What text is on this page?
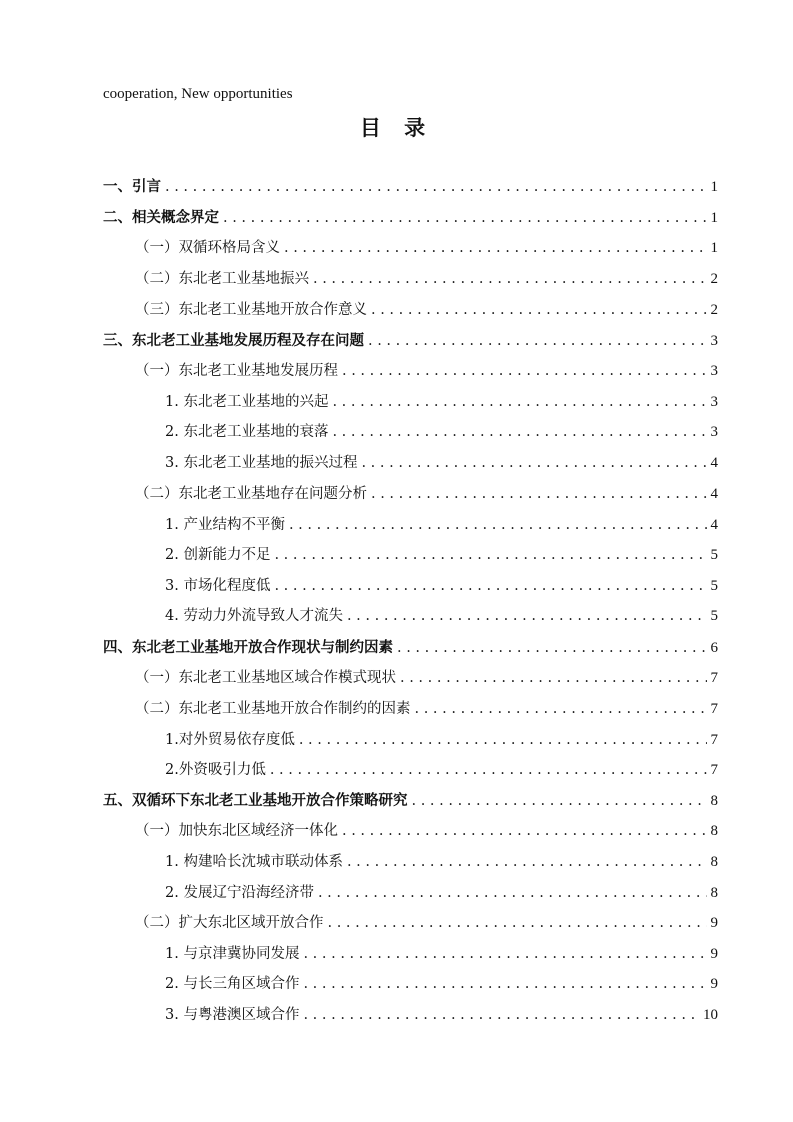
cooperation, New opportunities

目 录
一、引言 . . .	1
二、相关概念界定 . . .	1
（一）双循环格局含义 . . .	1
（二）东北老工业基地振兴 . . .	2
（三）东北老工业基地开放合作意义 . . .	2
三、东北老工业基地发展历程及存在问题 . . .	3
（一）东北老工业基地发展历程 . . .	3
1. 东北老工业基地的兴起 . . .	3
2. 东北老工业基地的衰落 . . .	3
3. 东北老工业基地的振兴过程 . . .	4
（二）东北老工业基地存在问题分析 . . .	4
1. 产业结构不平衡 . . .	4
2. 创新能力不足 . . .	5
3. 市场化程度低 . . .	5
4. 劳动力外流导致人才流失 . . .	5
四、东北老工业基地开放合作现状与制约因素 . . .	6
（一）东北老工业基地区域合作模式现状 . . .	7
（二）东北老工业基地开放合作制约的因素 . . .	7
1.对外贸易依存度低 . . .	7
2.外资吸引力低 . . .	7
五、双循环下东北老工业基地开放合作策略研究 . . .	8
（一）加快东北区域经济一体化 . . .	8
1. 构建哈长沈城市联动体系 . . .	8
2. 发展辽宁沿海经济带 . . .	8
（二）扩大东北区域开放合作 . . .	9
1. 与京津冀协同发展 . . .	9
2. 与长三角区域合作 . . .	9
3. 与粤港澳区域合作 . . .	10
